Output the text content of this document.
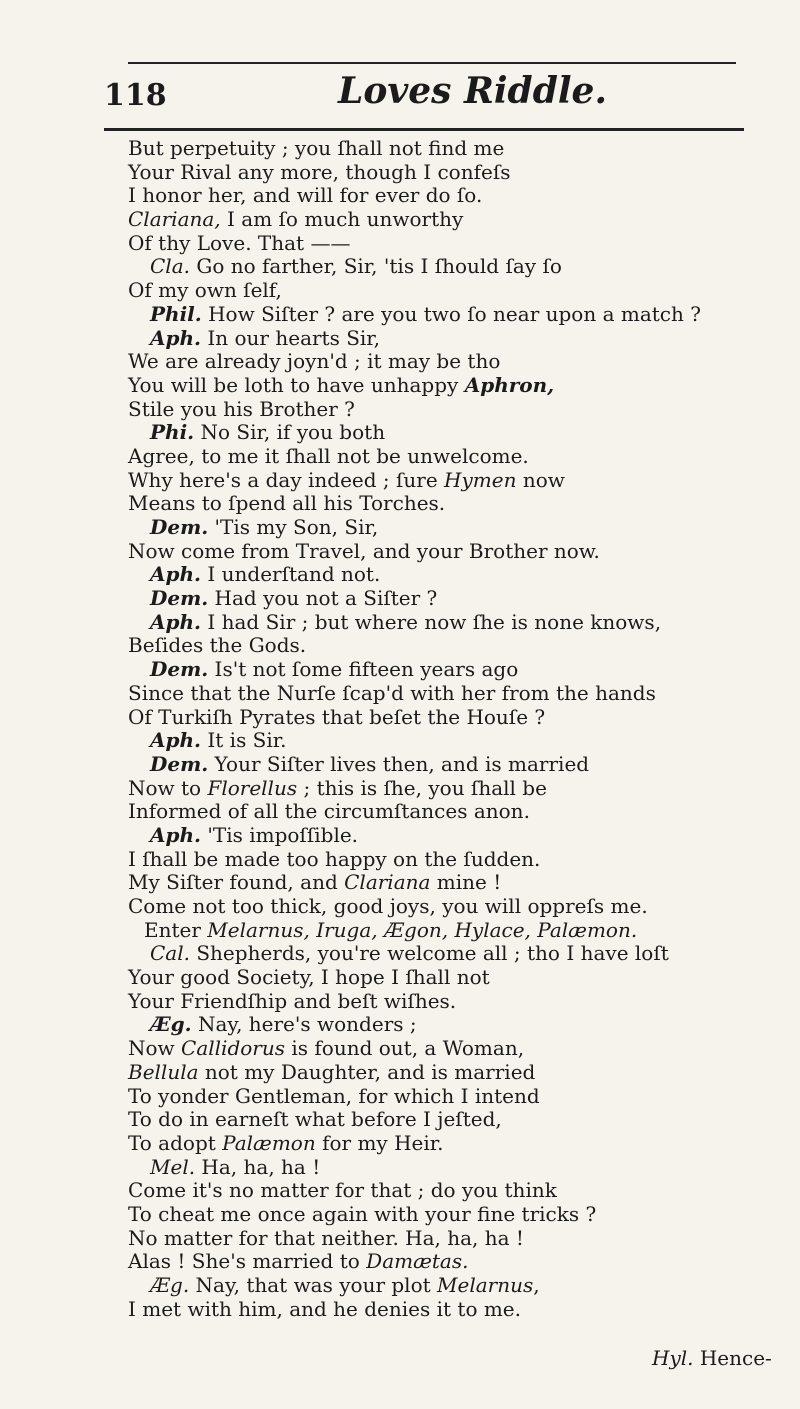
118	Loves Riddle.
But perpetuity ; you ſhall not find me
Your Rival any more, though I confeſs
I honor her, and will for ever do ſo.
Clariana, I am ſo much unworthy
Of thy Love. That ——
Cla. Go no farther, Sir, 'tis I ſhould ſay ſo
Of my own ſelf,
Phil. How Siſter ? are you two ſo near upon a match ?
Aph. In our hearts Sir,
We are already joyn'd ; it may be tho
You will be loth to have unhappy Aphron,
Stile you his Brother ?
Phi. No Sir, if you both
Agree, to me it ſhall not be unwelcome.
Why here's a day indeed ; ſure Hymen now
Means to ſpend all his Torches.
Dem. 'Tis my Son, Sir,
Now come from Travel, and your Brother now.
Aph. I underſtand not.
Dem. Had you not a Siſter ?
Aph. I had Sir ; but where now ſhe is none knows,
Beſides the Gods.
Dem. Is't not ſome fifteen years ago
Since that the Nurſe ſcap'd with her from the hands
Of Turkiſh Pyrates that beſet the Houſe ?
Aph. It is Sir.
Dem. Your Siſter lives then, and is married
Now to Florellus ; this is ſhe, you ſhall be
Informed of all the circumſtances anon.
Aph. 'Tis impoſſible.
I ſhall be made too happy on the ſudden.
My Siſter found, and Clariana mine !
Come not too thick, good joys, you will oppreſs me.
Enter Melarnus, Iruga, Ægon, Hylace, Palæmon.
Cal. Shepherds, you're welcome all ; tho I have loſt
Your good Society, I hope I ſhall not
Your Friendſhip and beſt wiſhes.
Æg. Nay, here's wonders ;
Now Callidorus is found out, a Woman,
Bellula not my Daughter, and is married
To yonder Gentleman, for which I intend
To do in earneſt what before I jeſted,
To adopt Palæmon for my Heir.
Mel. Ha, ha, ha !
Come it's no matter for that ; do you think
To cheat me once again with your fine tricks ?
No matter for that neither. Ha, ha, ha !
Alas ! She's married to Damætas.
Æg. Nay, that was your plot Melarnus,
I met with him, and he denies it to me.
Hyl. Hence-
